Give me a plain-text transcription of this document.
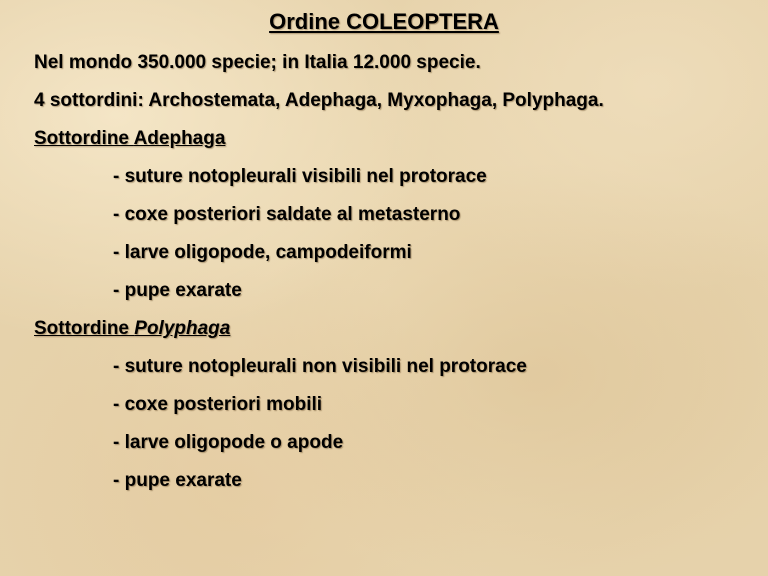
Ordine COLEOPTERA
Nel mondo 350.000 specie; in Italia 12.000 specie.
4 sottordini: Archostemata, Adephaga, Myxophaga, Polyphaga.
Sottordine Adephaga
- suture notopleurali visibili nel protorace
- coxe posteriori saldate al metasterno
- larve oligopode, campodeiformi
- pupe exarate
Sottordine Polyphaga
- suture notopleurali non visibili nel protorace
- coxe posteriori mobili
- larve oligopode o apode
- pupe exarate
